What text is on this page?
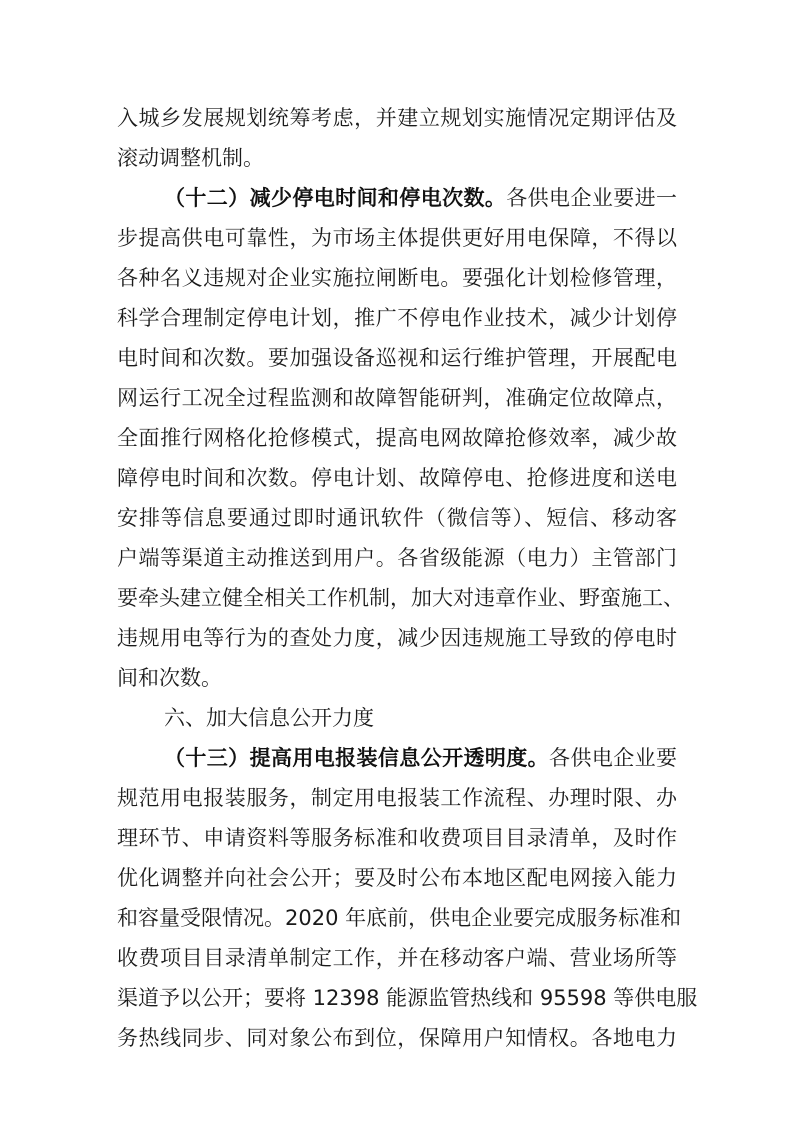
入城乡发展规划统筹考虑，并建立规划实施情况定期评估及
滚动调整机制。
（十二）减少停电时间和停电次数。各供电企业要进一
步提高供电可靠性，为市场主体提供更好用电保障，不得以
各种名义违规对企业实施拉闸断电。要强化计划检修管理，
科学合理制定停电计划，推广不停电作业技术，减少计划停
电时间和次数。要加强设备巡视和运行维护管理，开展配电
网运行工况全过程监测和故障智能研判，准确定位故障点，
全面推行网格化抢修模式，提高电网故障抢修效率，减少故
障停电时间和次数。停电计划、故障停电、抢修进度和送电
安排等信息要通过即时通讯软件（微信等）、短信、移动客
户端等渠道主动推送到用户。各省级能源（电力）主管部门
要牵头建立健全相关工作机制，加大对违章作业、野蛮施工、
违规用电等行为的查处力度，减少因违规施工导致的停电时
间和次数。
六、加大信息公开力度
（十三）提高用电报装信息公开透明度。各供电企业要
规范用电报装服务，制定用电报装工作流程、办理时限、办
理环节、申请资料等服务标准和收费项目目录清单，及时作
优化调整并向社会公开；要及时公布本地区配电网接入能力
和容量受限情况。2020 年底前，供电企业要完成服务标准和
收费项目目录清单制定工作，并在移动客户端、营业场所等
渠道予以公开；要将 12398 能源监管热线和 95598 等供电服
务热线同步、同对象公布到位，保障用户知情权。各地电力
